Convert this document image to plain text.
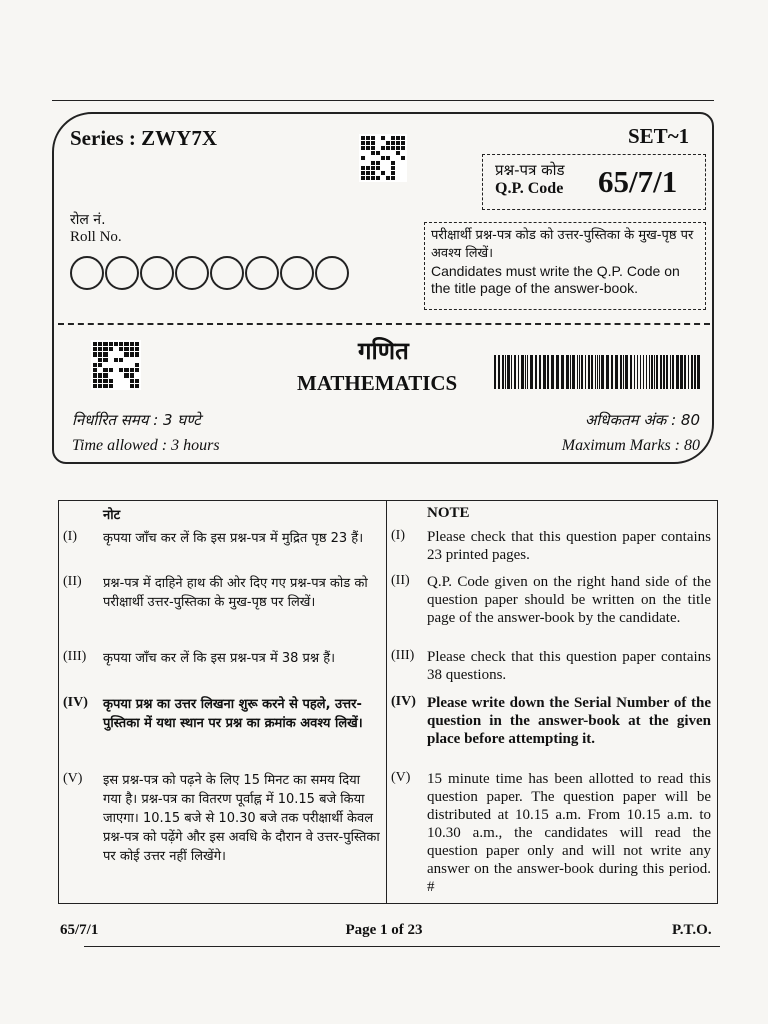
Series : ZWY7X	SET~1
प्रश्न-पत्र कोड
Q.P. Code 65/7/1
रोल नं.
Roll No.	परीक्षार्थी प्रश्न-पत्र कोड को उत्तर-पुस्तिका के मुख-पृष्ठ पर अवश्य लिखें।
Candidates must write the Q.P. Code on the title page of the answer-book.
गणित
MATHEMATICS
निर्धारित समय : 3 घण्टे
Time allowed : 3 hours
अधिकतम अंक : 80
Maximum Marks : 80
नोट
(I)	कृपया जाँच कर लें कि इस प्रश्न-पत्र में मुद्रित पृष्ठ 23 हैं।
(II)	प्रश्न-पत्र में दाहिने हाथ की ओर दिए गए प्रश्न-पत्र कोड को परीक्षार्थी उत्तर-पुस्तिका के मुख-पृष्ठ पर लिखें।
(III)	कृपया जाँच कर लें कि इस प्रश्न-पत्र में 38 प्रश्न हैं।
(IV)	कृपया प्रश्न का उत्तर लिखना शुरू करने से पहले, उत्तर-पुस्तिका में यथा स्थान पर प्रश्न का क्रमांक अवश्य लिखें।
(V)	इस प्रश्न-पत्र को पढ़ने के लिए 15 मिनट का समय दिया गया है। प्रश्न-पत्र का वितरण पूर्वाह्न में 10.15 बजे किया जाएगा। 10.15 बजे से 10.30 बजे तक परीक्षार्थी केवल प्रश्न-पत्र को पढ़ेंगे और इस अवधि के दौरान वे उत्तर-पुस्तिका पर कोई उत्तर नहीं लिखेंगे।

NOTE
(I)	Please check that this question paper contains 23 printed pages.
(II)	Q.P. Code given on the right hand side of the question paper should be written on the title page of the answer-book by the candidate.
(III) Please check that this question paper contains 38 questions.
(IV) Please write down the Serial Number of the question in the answer-book at the given place before attempting it.
(V)	15 minute time has been allotted to read this question paper. The question paper will be distributed at 10.15 a.m. From 10.15 a.m. to 10.30 a.m., the candidates will read the question paper only and will not write any answer on the answer-book during this period. #
65/7/1	Page 1 of 23	P.T.O.
